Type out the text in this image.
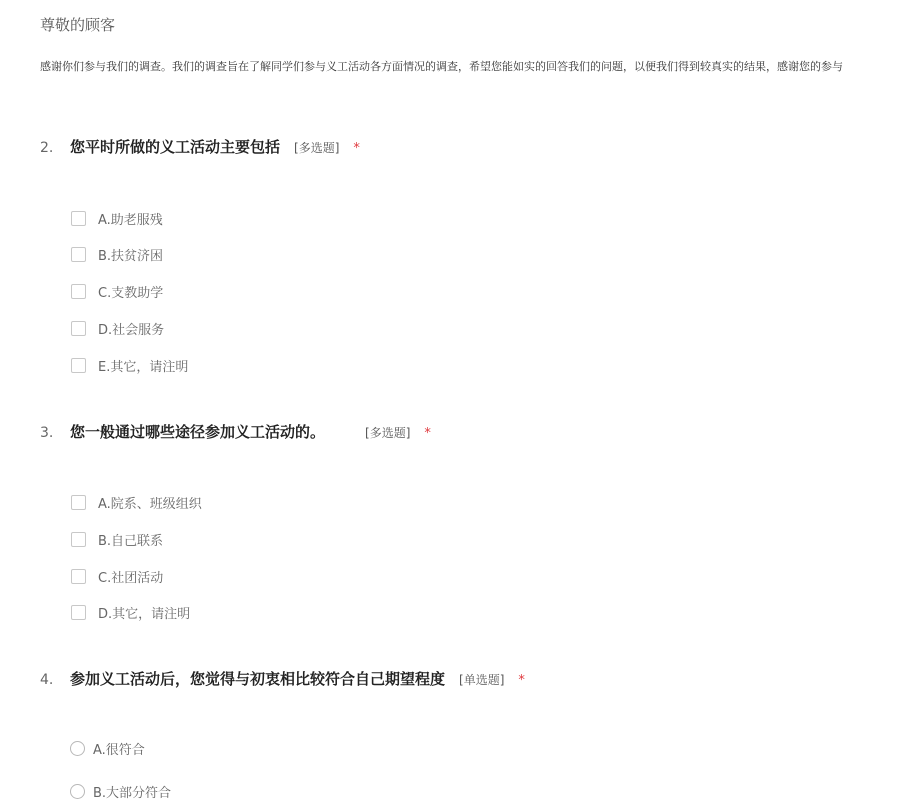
尊敬的顾客
感谢你们参与我们的调查。我们的调查旨在了解同学们参与义工活动各方面情况的调查，希望您能如实的回答我们的问题，以便我们得到较真实的结果，感谢您的参与
2.	您平时所做的义工活动主要包括 [多选题] *
A.助老服残
B.扶贫济困
C.支教助学
D.社会服务
E.其它，请注明
3.	您一般通过哪些途径参加义工活动的。	[多选题] *
A.院系、班级组织
B.自己联系
C.社团活动
D.其它，请注明
4.	参加义工活动后，您觉得与初衷相比较符合自己期望程度 [单选题] *
A.很符合
B.大部分符合
